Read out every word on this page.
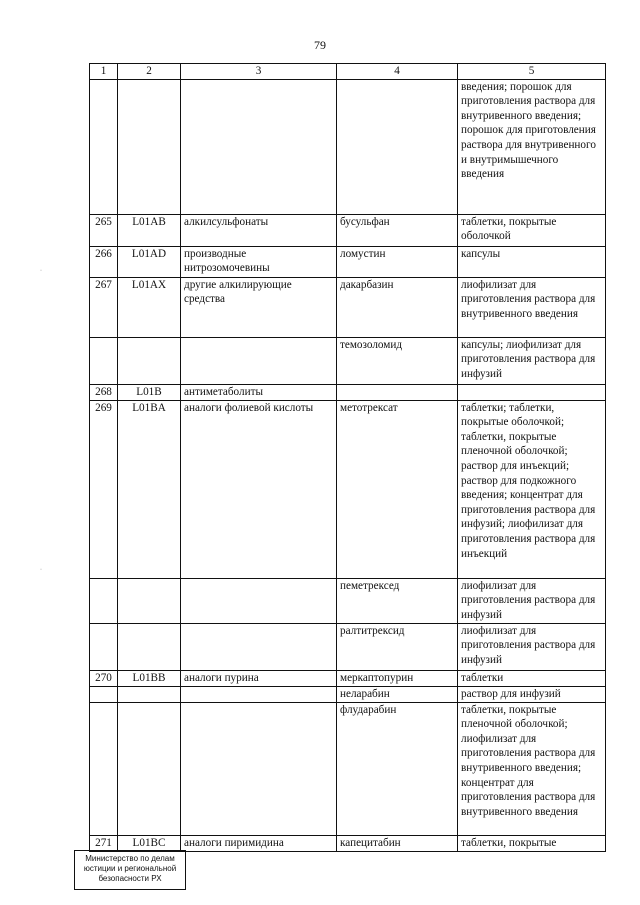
79
1	2	3	4	5
				введения; порошок для приготовления раствора для внутривенного введения; порошок для приготовления раствора для внутривенного и внутримышечного введения
265	L01AB	алкилсульфонаты	бусульфан	таблетки, покрытые оболочкой
266	L01AD	производные нитрозомочевины	ломустин	капсулы
267	L01AX	другие алкилирующие средства	дакарбазин	лиофилизат для приготовления раствора для внутривенного введения
			темозоломид	капсулы; лиофилизат для приготовления раствора для инфузий
268	L01B	антиметаболиты		
269	L01BA	аналоги фолиевой кислоты	метотрексат	таблетки; таблетки, покрытые оболочкой; таблетки, покрытые пленочной оболочкой; раствор для инъекций; раствор для подкожного введения; концентрат для приготовления раствора для инфузий; лиофилизат для приготовления раствора для инъекций
			пеметрексед	лиофилизат для приготовления раствора для инфузий
			ралтитрексид	лиофилизат для приготовления раствора для инфузий
270	L01BB	аналоги пурина	меркаптопурин	таблетки
			неларабин	раствор для инфузий
			флударабин	таблетки, покрытые пленочной оболочкой; лиофилизат для приготовления раствора для внутривенного введения; концентрат для приготовления раствора для внутривенного введения
271	L01BC	аналоги пиримидина	капецитабин	таблетки, покрытые
·
·
Министерство по делам юстиции и региональной безопасности РХ
